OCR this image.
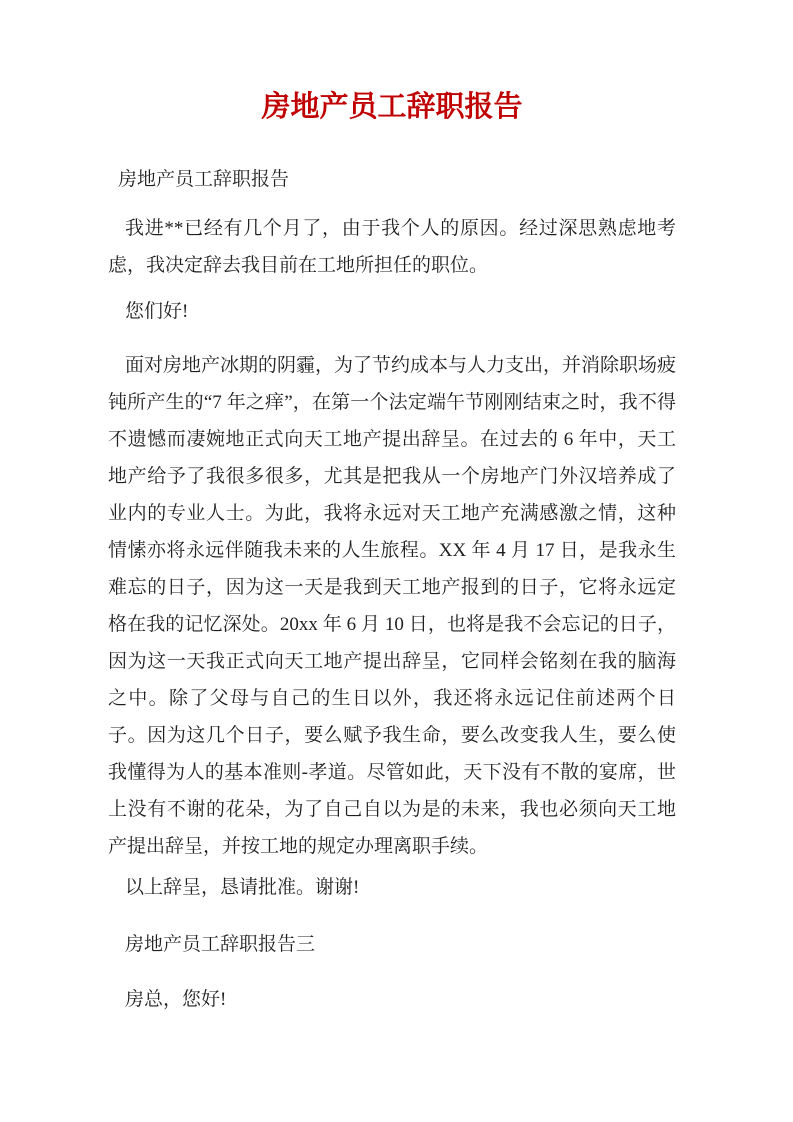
房地产员工辞职报告

房地产员工辞职报告

我进**已经有几个月了，由于我个人的原因。经过深思熟虑地考虑，我决定辞去我目前在工地所担任的职位。

您们好!

面对房地产冰期的阴霾，为了节约成本与人力支出，并消除职场疲钝所产生的“7 年之痒”，在第一个法定端午节刚刚结束之时，我不得不遗憾而凄婉地正式向天工地产提出辞呈。在过去的 6 年中，天工地产给予了我很多很多，尤其是把我从一个房地产门外汉培养成了业内的专业人士。为此，我将永远对天工地产充满感激之情，这种情愫亦将永远伴随我未来的人生旅程。XX 年 4 月 17 日，是我永生难忘的日子，因为这一天是我到天工地产报到的日子，它将永远定格在我的记忆深处。20xx 年 6 月 10 日，也将是我不会忘记的日子，因为这一天我正式向天工地产提出辞呈，它同样会铭刻在我的脑海之中。除了父母与自己的生日以外，我还将永远记住前述两个日子。因为这几个日子，要么赋予我生命，要么改变我人生，要么使我懂得为人的基本准则-孝道。尽管如此，天下没有不散的宴席，世上没有不谢的花朵，为了自己自以为是的未来，我也必须向天工地产提出辞呈，并按工地的规定办理离职手续。

以上辞呈，恳请批准。谢谢!

房地产员工辞职报告三

房总，您好!
